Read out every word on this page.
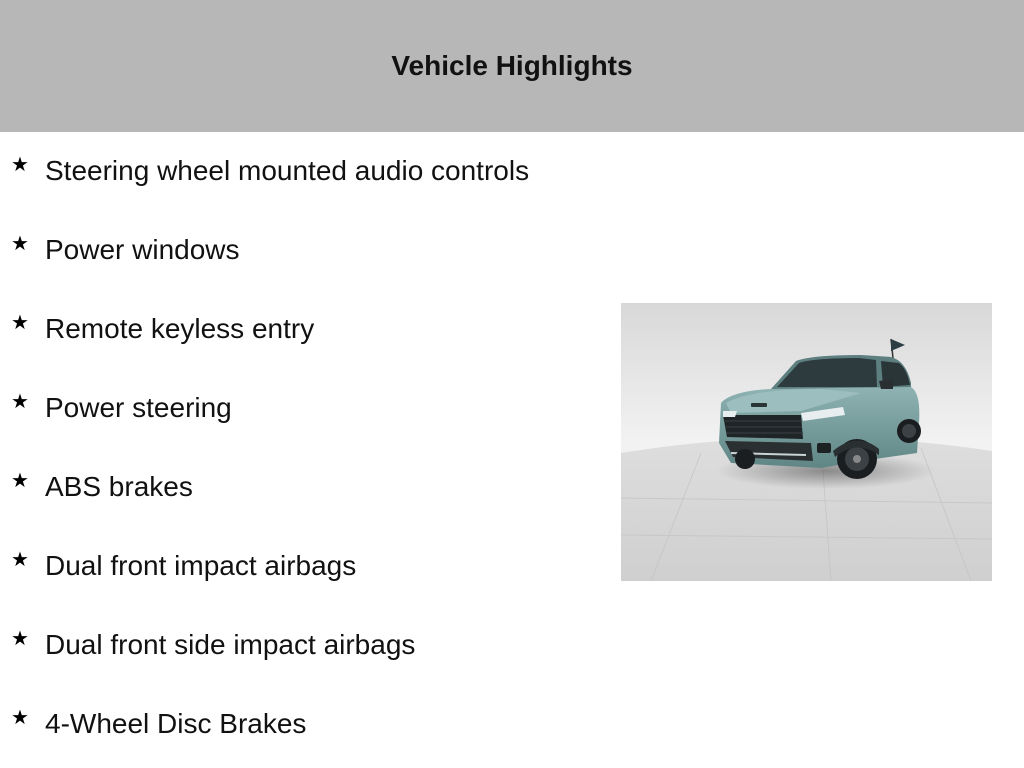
Vehicle Highlights
★ Steering wheel mounted audio controls
★ Power windows
★ Remote keyless entry
★ Power steering
★ ABS brakes
★ Dual front impact airbags
★ Dual front side impact airbags
★ 4-Wheel Disc Brakes
